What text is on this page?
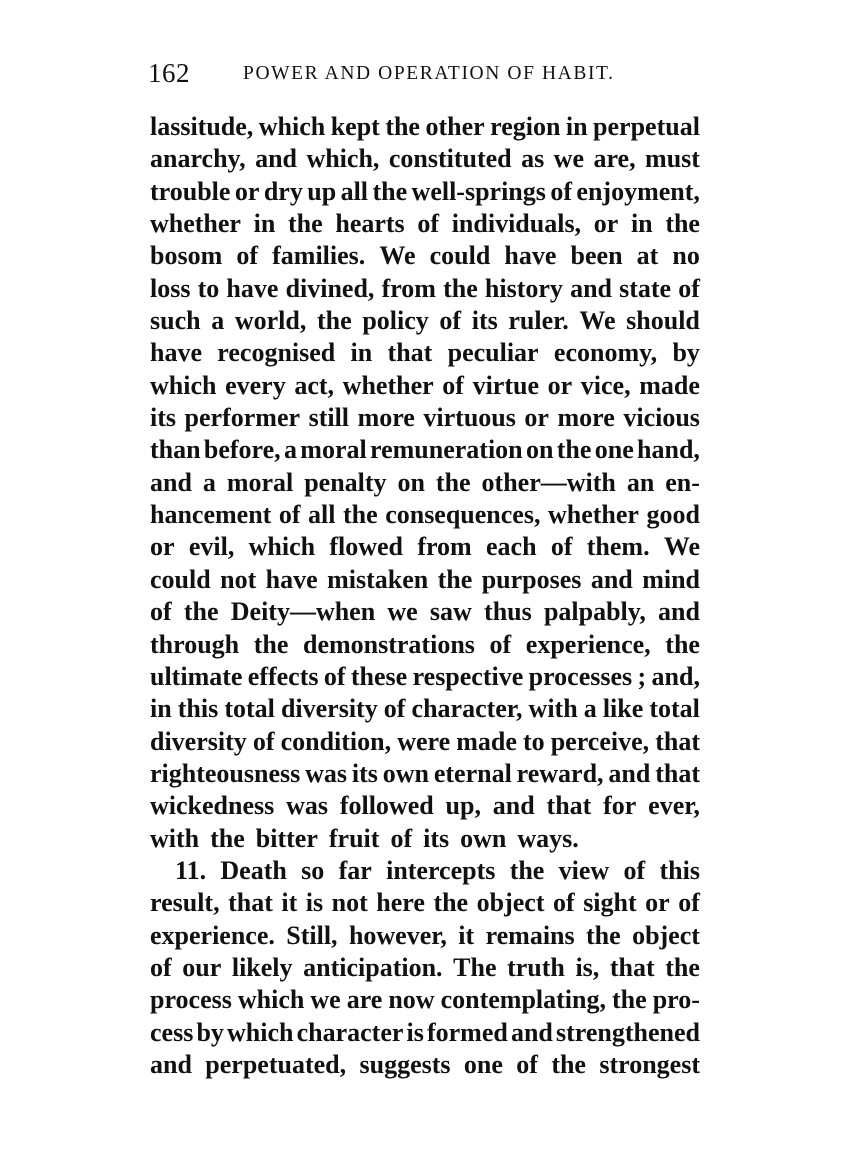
162	POWER AND OPERATION OF HABIT.
lassitude, which kept the other region in perpetual
anarchy, and which, constituted as we are, must
trouble or dry up all the well-springs of enjoyment,
whether in the hearts of individuals, or in the
bosom of families. We could have been at no
loss to have divined, from the history and state of
such a world, the policy of its ruler. We should
have recognised in that peculiar economy, by
which every act, whether of virtue or vice, made
its performer still more virtuous or more vicious
than before, a moral remuneration on the one hand,
and a moral penalty on the other—with an en-
hancement of all the consequences, whether good
or evil, which flowed from each of them. We
could not have mistaken the purposes and mind
of the Deity—when we saw thus palpably, and
through the demonstrations of experience, the
ultimate effects of these respective processes ; and,
in this total diversity of character, with a like total
diversity of condition, were made to perceive, that
righteousness was its own eternal reward, and that
wickedness was followed up, and that for ever,
with the bitter fruit of its own ways.
11. Death so far intercepts the view of this
result, that it is not here the object of sight or of
experience. Still, however, it remains the object
of our likely anticipation. The truth is, that the
process which we are now contemplating, the pro-
cess by which character is formed and strengthened
and perpetuated, suggests one of the strongest
